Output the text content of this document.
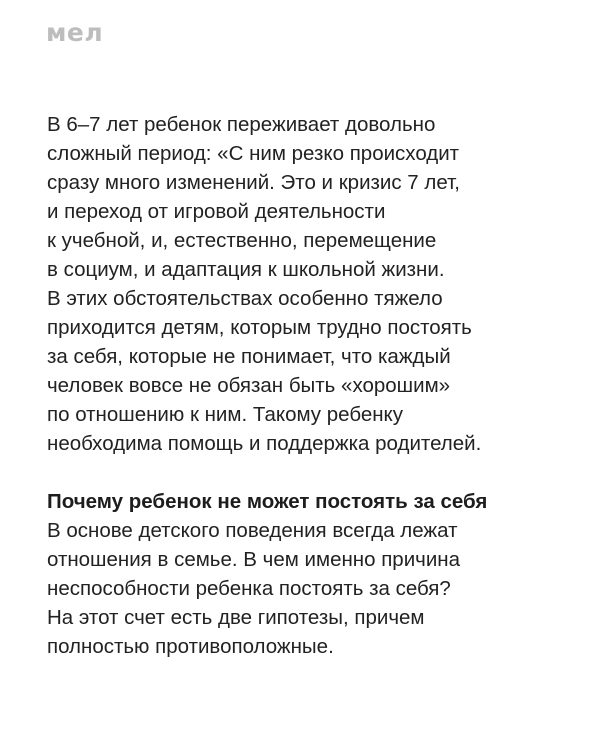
мел
В 6–7 лет ребенок переживает довольно
сложный период: «С ним резко происходит
сразу много изменений. Это и кризис 7 лет,
и переход от игровой деятельности
к учебной, и, естественно, перемещение
в социум, и адаптация к школьной жизни.
В этих обстоятельствах особенно тяжело
приходится детям, которым трудно постоять
за себя, которые не понимает, что каждый
человек вовсе не обязан быть «хорошим»
по отношению к ним. Такому ребенку
необходима помощь и поддержка родителей.
Почему ребенок не может постоять за себя
В основе детского поведения всегда лежат
отношения в семье. В чем именно причина
неспособности ребенка постоять за себя?
На этот счет есть две гипотезы, причем
полностью противоположные.
